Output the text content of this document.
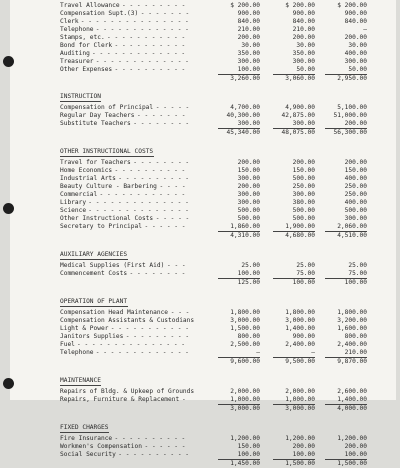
Travel Allowance - - - - - - - - -	$ 200.00	$ 200.00	$ 200.00
Compensation Supt.(3) - - - - - - -	900.00	900.00	900.00
Clerk - - - - - - - - - - - - - - -	840.00	840.00	840.00
Telephone - - - - - - - - - - - - -	210.00	210.00	—
Stamps, etc. - - - - - - - - - - -	200.00	200.00	200.00
Bond for Clerk - - - - - - - - - -	30.00	30.00	30.00
Auditing - - - - - - - - - - - - -	350.00	350.00	400.00
Treasurer - - - - - - - - - - - - -	300.00	300.00	300.00
Other Expenses - - - - - - - - - -	100.00	50.00	50.00
3,260.00	3,060.00	2,950.00
INSTRUCTION
Compensation of Principal - - - - -	4,700.00	4,900.00	5,100.00
Regular Day Teachers - - - - - - -	40,300.00	42,875.00	51,000.00
Substitute Teachers - - - - - - - -	300.00	300.00	200.00
45,340.00	48,075.00	56,300.00
OTHER INSTRUCTIONAL COSTS
Travel for Teachers - - - - - - - -	200.00	200.00	200.00
Home Economics - - - - - - - - - -	150.00	150.00	150.00
Industrial Arts - - - - - - - - - -	300.00	500.00	400.00
Beauty Culture - Barbering - - - -	200.00	250.00	250.00
Commercial - - - - - - - - - - - -	300.00	300.00	250.00
Library - - - - - - - - - - - - - -	300.00	380.00	400.00
Science - - - - - - - - - - - - - -	500.00	500.00	500.00
Other Instructional Costs - - - - -	500.00	500.00	300.00
Secretary to Principal - - - - - -	1,860.00	1,900.00	2,060.00
4,310.00	4,680.00	4,510.00
AUXILIARY AGENCIES
Medical Supplies (First Aid) - - -	25.00	25.00	25.00
Commencement Costs - - - - - - - -	100.00	75.00	75.00
125.00	100.00	100.00
OPERATION OF PLANT
Compensation Head Maintenance - - -	1,800.00	1,800.00	1,800.00
Compensation Assistants & Custodians	3,000.00	3,000.00	3,200.00
Light & Power - - - - - - - - - - -	1,500.00	1,400.00	1,600.00
Janitors Supplies - - - - - - - - -	800.00	900.00	800.00
Fuel - - - - - - - - - - - - - - -	2,500.00	2,400.00	2,400.00
Telephone - - - - - - - - - - - - -	—	—	210.00
9,600.00	9,500.00	9,870.00
MAINTENANCE
Repairs of Bldg. & Upkeep of Grounds	2,000.00	2,000.00	2,600.00
Repairs, Furniture & Replacement -	1,000.00	1,000.00	1,400.00
3,000.00	3,000.00	4,000.00
FIXED CHARGES
Fire Insurance - - - - - - - - - -	1,200.00	1,200.00	1,200.00
Workmen's Compensation - - - - - -	150.00	200.00	200.00
Social Security - - - - - - - - - -	100.00	100.00	100.00
1,450.00	1,500.00	1,500.00
